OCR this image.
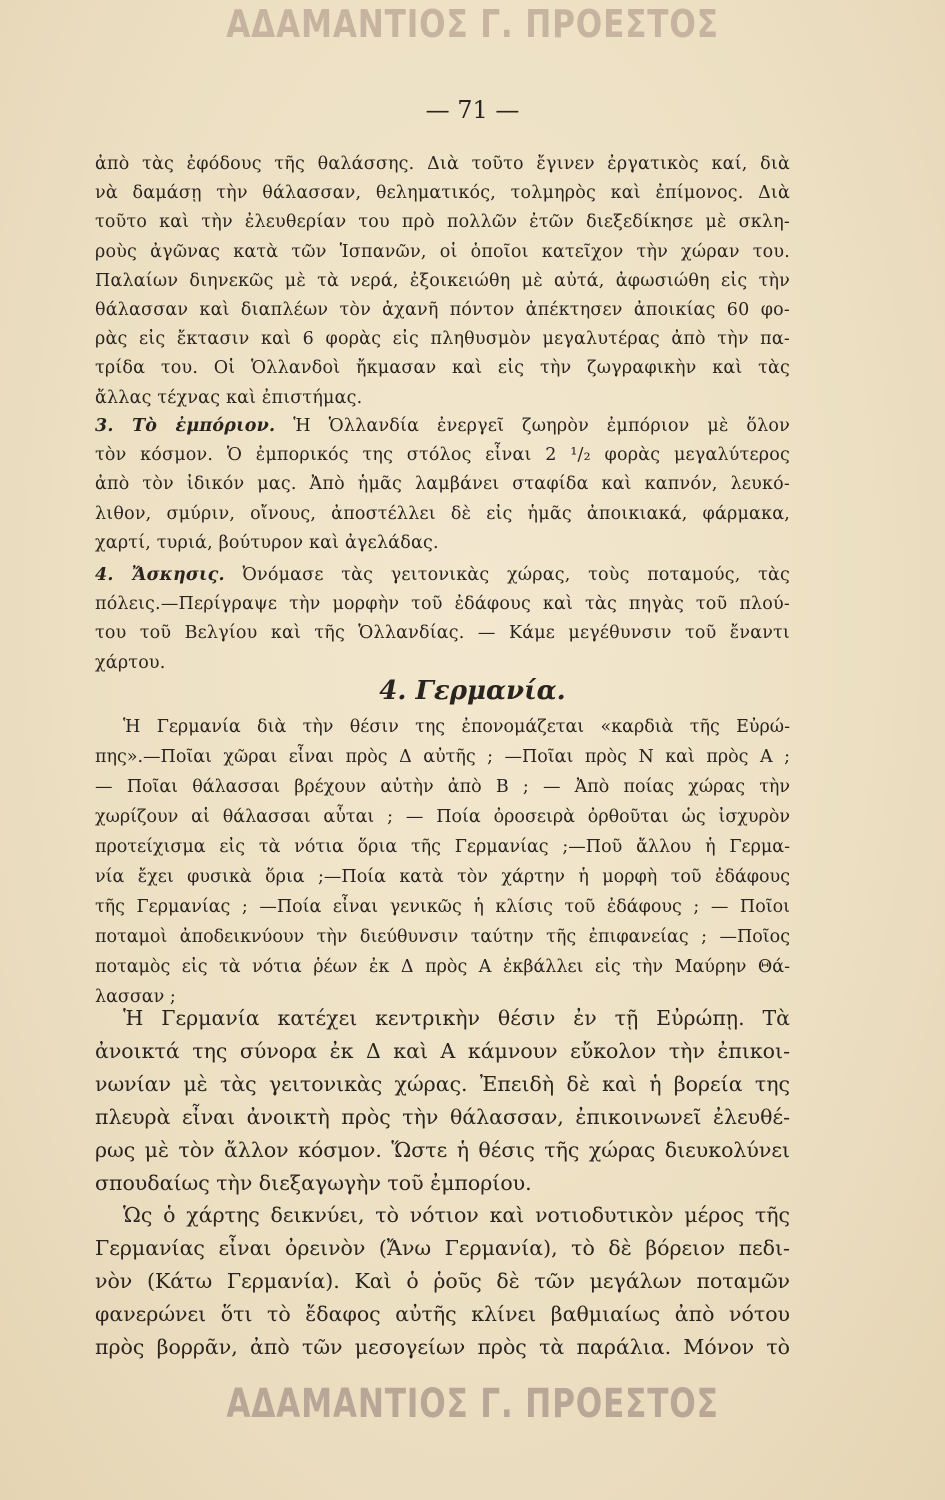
ΑΔΑΜΑΝΤΙΟΣ Γ. ΠΡΟΕΣΤΟΣ
— 71 —
ἀπὸ τὰς ἐφόδους τῆς θαλάσσης. Διὰ τοῦτο ἔγινεν ἐργατικὸς καί, διὰ
νὰ δαμάσῃ τὴν θάλασσαν, θεληματικός, τολμηρὸς καὶ ἐπίμονος. Διὰ
τοῦτο καὶ τὴν ἐλευθερίαν του πρὸ πολλῶν ἐτῶν διεξεδίκησε μὲ σκλη-
ροὺς ἀγῶνας κατὰ τῶν Ἱσπανῶν, οἱ ὁποῖοι κατεῖχον τὴν χώραν του.
Παλαίων διηνεκῶς μὲ τὰ νερά, ἐξοικειώθη μὲ αὐτά, ἀφωσιώθη εἰς τὴν
θάλασσαν καὶ διαπλέων τὸν ἀχανῆ πόντον ἀπέκτησεν ἀποικίας 60 φο-
ρὰς εἰς ἔκτασιν καὶ 6 φορὰς εἰς πληθυσμὸν μεγαλυτέρας ἀπὸ τὴν πα-
τρίδα του. Οἱ Ὁλλανδοὶ ἤκμασαν καὶ εἰς τὴν ζωγραφικὴν καὶ τὰς
ἄλλας τέχνας καὶ ἐπιστήμας.
3. Τὸ ἐμπόριον. Ἡ Ὁλλανδία ἐνεργεῖ ζωηρὸν ἐμπόριον μὲ ὅλον
τὸν κόσμον. Ὁ ἐμπορικός της στόλος εἶναι 2 ¹/₂ φορὰς μεγαλύτερος
ἀπὸ τὸν ἰδικόν μας. Ἀπὸ ἡμᾶς λαμβάνει σταφίδα καὶ καπνόν, λευκό-
λιθον, σμύριν, οἴνους, ἀποστέλλει δὲ εἰς ἡμᾶς ἀποικιακά, φάρμακα,
χαρτί, τυριά, βούτυρον καὶ ἀγελάδας.
4. Ἄσκησις. Ὀνόμασε τὰς γειτονικὰς χώρας, τοὺς ποταμούς, τὰς
πόλεις.—Περίγραψε τὴν μορφὴν τοῦ ἐδάφους καὶ τὰς πηγὰς τοῦ πλού-
του τοῦ Βελγίου καὶ τῆς Ὁλλανδίας. — Κάμε μεγέθυνσιν τοῦ ἔναντι
χάρτου.
4. Γερμανία.
Ἡ Γερμανία διὰ τὴν θέσιν της ἐπονομάζεται «καρδιὰ τῆς Εὐρώ-
πης».—Ποῖαι χῶραι εἶναι πρὸς Δ αὐτῆς ; —Ποῖαι πρὸς Ν καὶ πρὸς Α ;
— Ποῖαι θάλασσαι βρέχουν αὐτὴν ἀπὸ Β ; — Ἀπὸ ποίας χώρας τὴν
χωρίζουν αἱ θάλασσαι αὗται ; — Ποία ὀροσειρὰ ὀρθοῦται ὡς ἰσχυρὸν
προτείχισμα εἰς τὰ νότια ὅρια τῆς Γερμανίας ;—Ποῦ ἄλλου ἡ Γερμα-
νία ἔχει φυσικὰ ὅρια ;—Ποία κατὰ τὸν χάρτην ἡ μορφὴ τοῦ ἐδάφους
τῆς Γερμανίας ; —Ποία εἶναι γενικῶς ἡ κλίσις τοῦ ἐδάφους ; — Ποῖοι
ποταμοὶ ἀποδεικνύουν τὴν διεύθυνσιν ταύτην τῆς ἐπιφανείας ; —Ποῖος
ποταμὸς εἰς τὰ νότια ῥέων ἐκ Δ πρὸς Α ἐκβάλλει εἰς τὴν Μαύρην Θά-
λασσαν ;
Ἡ Γερμανία κατέχει κεντρικὴν θέσιν ἐν τῇ Εὐρώπῃ. Τὰ
ἀνοικτά της σύνορα ἐκ Δ καὶ Α κάμνουν εὔκολον τὴν ἐπικοι-
νωνίαν μὲ τὰς γειτονικὰς χώρας. Ἐπειδὴ δὲ καὶ ἡ βορεία της
πλευρὰ εἶναι ἀνοικτὴ πρὸς τὴν θάλασσαν, ἐπικοινωνεῖ ἐλευθέ-
ρως μὲ τὸν ἄλλον κόσμον. Ὥστε ἡ θέσις τῆς χώρας διευκολύνει
σπουδαίως τὴν διεξαγωγὴν τοῦ ἐμπορίου.
Ὡς ὁ χάρτης δεικνύει, τὸ νότιον καὶ νοτιοδυτικὸν μέρος τῆς
Γερμανίας εἶναι ὀρεινὸν (Ἄνω Γερμανία), τὸ δὲ βόρειον πεδι-
νὸν (Κάτω Γερμανία). Καὶ ὁ ῥοῦς δὲ τῶν μεγάλων ποταμῶν
φανερώνει ὅτι τὸ ἔδαφος αὐτῆς κλίνει βαθμιαίως ἀπὸ νότου
πρὸς βορρᾶν, ἀπὸ τῶν μεσογείων πρὸς τὰ παράλια. Μόνον τὸ
ΑΔΑΜΑΝΤΙΟΣ Γ. ΠΡΟΕΣΤΟΣ
